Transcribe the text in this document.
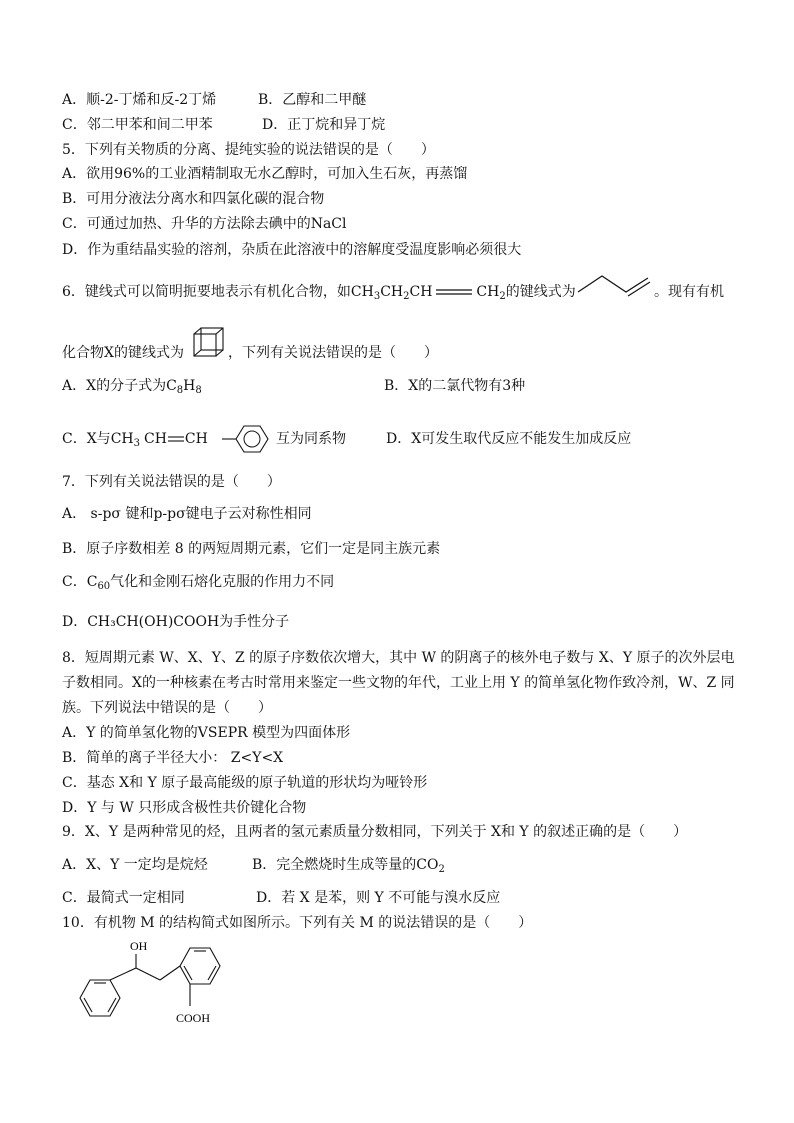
A．顺-2-丁烯和反-2丁烯	B．乙醇和二甲醚
C．邻二甲苯和间二甲苯	D．正丁烷和异丁烷
5．下列有关物质的分离、提纯实验的说法错误的是（　　）
A．欲用96%的工业酒精制取无水乙醇时，可加入生石灰，再蒸馏
B．可用分液法分离水和四氯化碳的混合物
C．可通过加热、升华的方法除去碘中的NaCl
D．作为重结晶实验的溶剂，杂质在此溶液中的溶解度受温度影响必须很大
6．键线式可以简明扼要地表示有机化合物，如$CH_3CH_2CH$	$CH_2$的键线式为	。现有有机
化合物X的键线式为	，下列有关说法错误的是（　　）
A．X的分子式为$C_8H_8$	B．X的二氯代物有3种
C．X与$CH_3$ CH CH	互为同系物	D．X可发生取代反应不能发生加成反应
7．下列有关说法错误的是（　　）
A． s-pσ 键和p-pσ键电子云对称性相同
B．原子序数相差 8 的两短周期元素，它们一定是同主族元素
C．$C_{60}$气化和金刚石熔化克服的作用力不同
D．CH₃CH(OH)COOH为手性分子
8．短周期元素 W、X、Y、Z 的原子序数依次增大，其中 W 的阴离子的核外电子数与 X、Y 原子的次外层电
子数相同。X的一种核素在考古时常用来鉴定一些文物的年代，工业上用 Y 的简单氢化物作致冷剂，W、Z 同
族。下列说法中错误的是（　　）
A．Y 的简单氢化物的VSEPR 模型为四面体形
B．简单的离子半径大小： Z<Y<X
C．基态 X和 Y 原子最高能级的原子轨道的形状均为哑铃形
D．Y 与 W 只形成含极性共价键化合物
9．X、Y 是两种常见的烃，且两者的氢元素质量分数相同，下列关于 X和 Y 的叙述正确的是（　　）
A．X、Y 一定均是烷烃	B．完全燃烧时生成等量的$CO_2$
C．最简式一定相同	D．若 X 是苯，则 Y 不可能与溴水反应
10．有机物 M 的结构简式如图所示。下列有关 M 的说法错误的是（　　）
OH
COOH
